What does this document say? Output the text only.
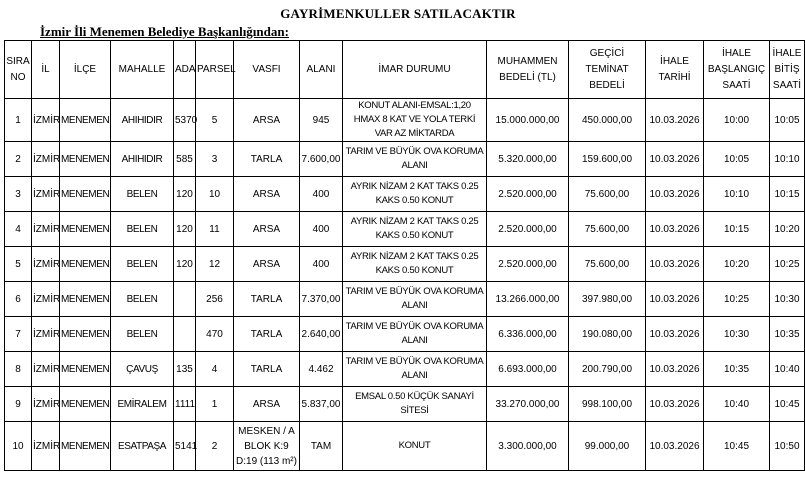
GAYRİMENKULLER SATILACAKTIR
İzmir İli Menemen Belediye Başkanlığından:
SIRA NO	İL	İLÇE	MAHALLE	ADA	PARSEL	VASFI	ALANI	İMAR DURUMU	MUHAMMEN BEDELİ (TL)	GEÇİCİ TEMİNAT BEDELİ	İHALE TARİHİ	İHALE BAŞLANGIÇ SAATİ	İHALE BİTİŞ SAATİ
1	İZMİR	MENEMEN	AHIHIDIR	5370	5	ARSA	945	KONUT ALANI-EMSAL:1,20 HMAX 8 KAT VE YOLA TERKİ VAR AZ MİKTARDA	15.000.000,00	450.000,00	10.03.2026	10:00	10:05
2	İZMİR	MENEMEN	AHIHIDIR	585	3	TARLA	7.600,00	TARIM VE BÜYÜK OVA KORUMA ALANI	5.320.000,00	159.600,00	10.03.2026	10:05	10:10
3	İZMİR	MENEMEN	BELEN	120	10	ARSA	400	AYRIK NİZAM 2 KAT TAKS 0.25 KAKS 0.50 KONUT	2.520.000,00	75.600,00	10.03.2026	10:10	10:15
4	İZMİR	MENEMEN	BELEN	120	11	ARSA	400	AYRIK NİZAM 2 KAT TAKS 0.25 KAKS 0.50 KONUT	2.520.000,00	75.600,00	10.03.2026	10:15	10:20
5	İZMİR	MENEMEN	BELEN	120	12	ARSA	400	AYRIK NİZAM 2 KAT TAKS 0.25 KAKS 0.50 KONUT	2.520.000,00	75.600,00	10.03.2026	10:20	10:25
6	İZMİR	MENEMEN	BELEN		256	TARLA	7.370,00	TARIM VE BÜYÜK OVA KORUMA ALANI	13.266.000,00	397.980,00	10.03.2026	10:25	10:30
7	İZMİR	MENEMEN	BELEN		470	TARLA	2.640,00	TARIM VE BÜYÜK OVA KORUMA ALANI	6.336.000,00	190.080,00	10.03.2026	10:30	10:35
8	İZMİR	MENEMEN	ÇAVUŞ	135	4	TARLA	4.462	TARIM VE BÜYÜK OVA KORUMA ALANI	6.693.000,00	200.790,00	10.03.2026	10:35	10:40
9	İZMİR	MENEMEN	EMİRALEM	1111	1	ARSA	5.837,00	EMSAL 0.50 KÜÇÜK SANAYİ SİTESİ	33.270.000,00	998.100,00	10.03.2026	10:40	10:45
10	İZMİR	MENEMEN	ESATPAŞA	5141	2	MESKEN / A BLOK K:9 D:19 (113 m²)	TAM	KONUT	3.300.000,00	99.000,00	10.03.2026	10:45	10:50
